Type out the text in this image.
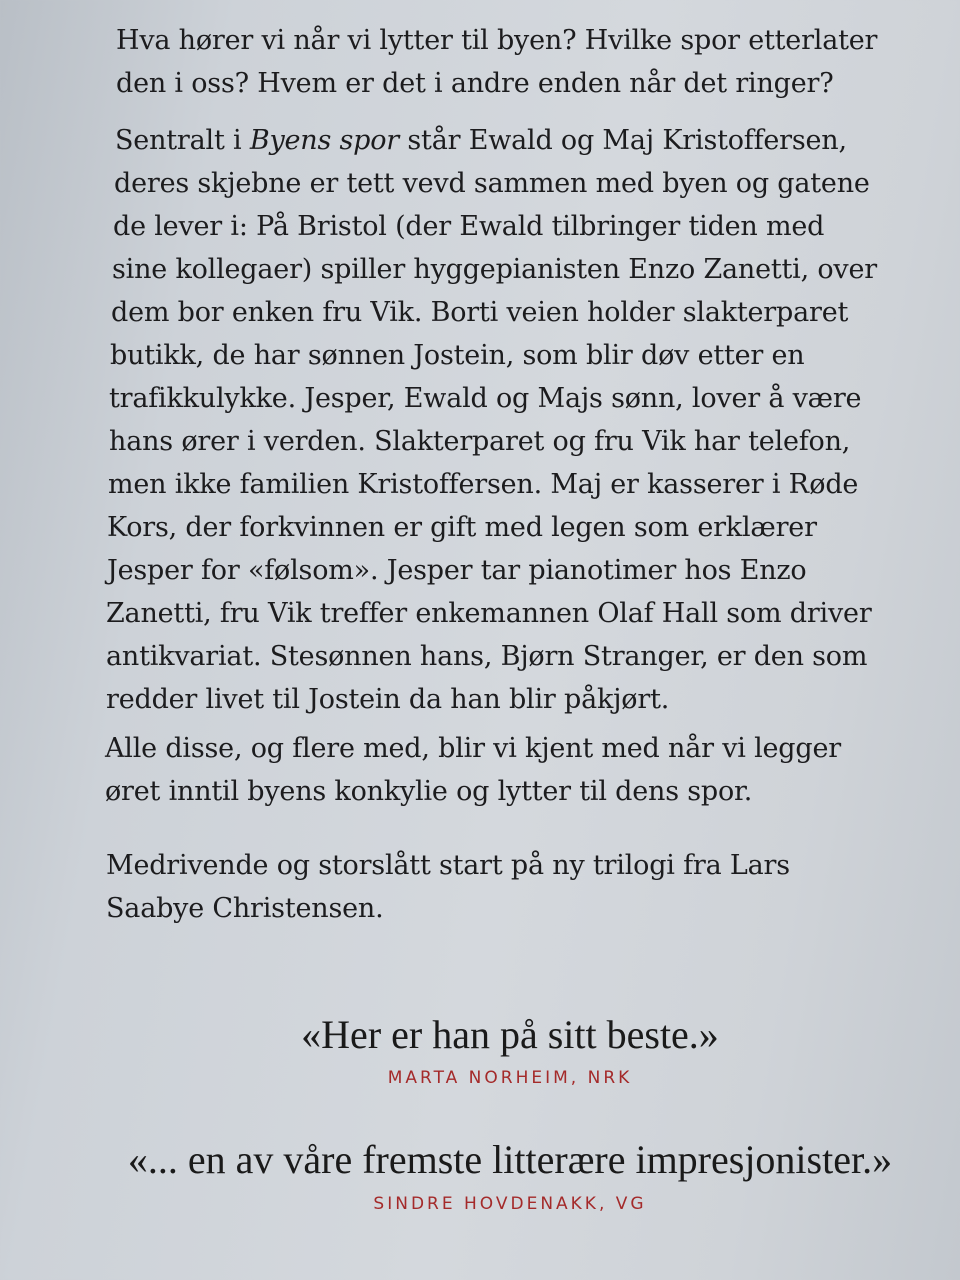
Hva hører vi når vi lytter til byen? Hvilke spor etterlater
den i oss? Hvem er det i andre enden når det ringer?
Sentralt i Byens spor står Ewald og Maj Kristoffersen,
deres skjebne er tett vevd sammen med byen og gatene
de lever i: På Bristol (der Ewald tilbringer tiden med
sine kollegaer) spiller hyggepianisten Enzo Zanetti, over
dem bor enken fru Vik. Borti veien holder slakterparet
butikk, de har sønnen Jostein, som blir døv etter en
trafikkulykke. Jesper, Ewald og Majs sønn, lover å være
hans ører i verden. Slakterparet og fru Vik har telefon,
men ikke familien Kristoffersen. Maj er kasserer i Røde
Kors, der forkvinnen er gift med legen som erklærer
Jesper for «følsom». Jesper tar pianotimer hos Enzo
Zanetti, fru Vik treffer enkemannen Olaf Hall som driver
antikvariat. Stesønnen hans, Bjørn Stranger, er den som
redder livet til Jostein da han blir påkjørt.
Alle disse, og flere med, blir vi kjent med når vi legger
øret inntil byens konkylie og lytter til dens spor.
Medrivende og storslått start på ny trilogi fra Lars
Saabye Christensen.
«Her er han på sitt beste.»
MARTA NORHEIM, NRK
«... en av våre fremste litterære impresjonister.»
SINDRE HOVDENAKK, VG
